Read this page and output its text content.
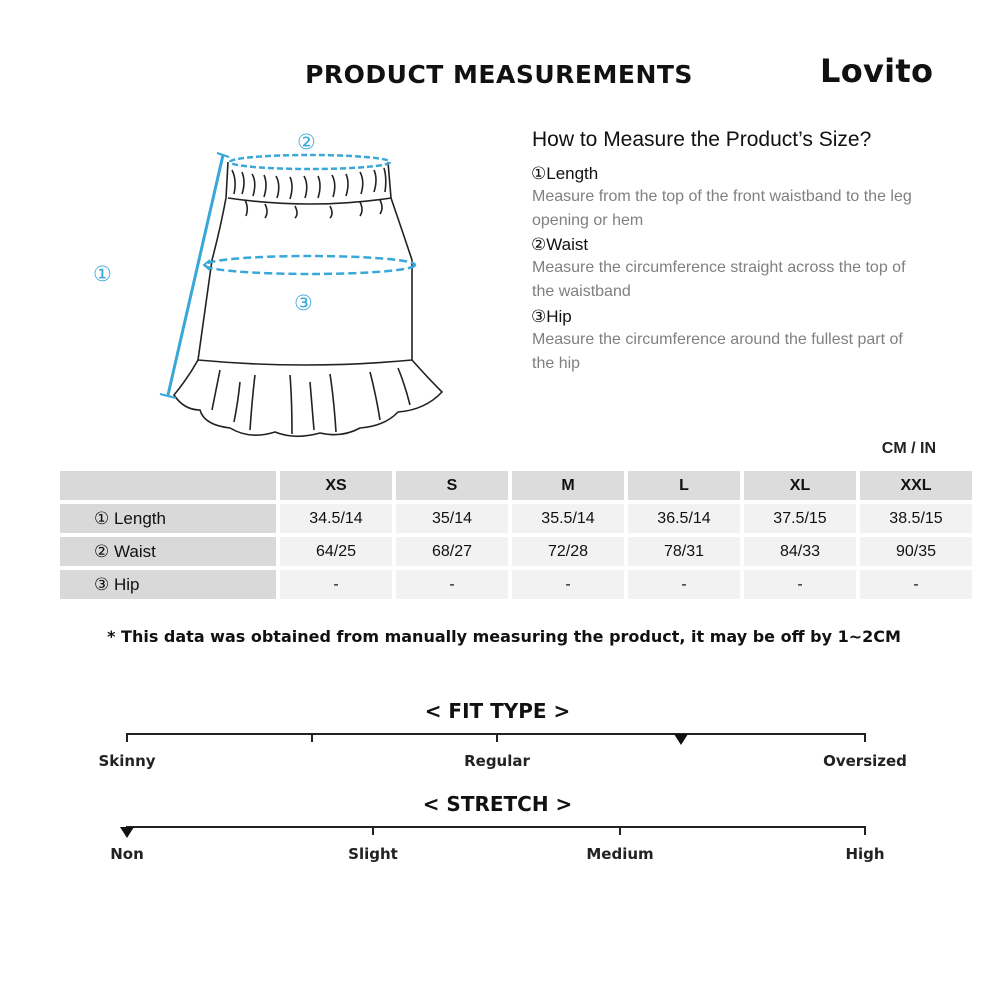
PRODUCT MEASUREMENTS	Lovito
①
②
③
How to Measure the Product’s Size?
①Length
Measure from the top of the front waistband to the leg opening or hem
②Waist
Measure the circumference straight across the top of the waistband
③Hip
Measure the circumference around the fullest part of the hip
CM / IN
	XS	S	M	L	XL	XXL
① Length	34.5/14	35/14	35.5/14	36.5/14	37.5/15	38.5/15
② Waist	64/25	68/27	72/28	78/31	84/33	90/35
③ Hip	-	-	-	-	-	-
* This data was obtained from manually measuring the product, it may be off by 1~2CM
< FIT TYPE >
Skinny	Regular	Oversized
< STRETCH >
Non	Slight	Medium	High
